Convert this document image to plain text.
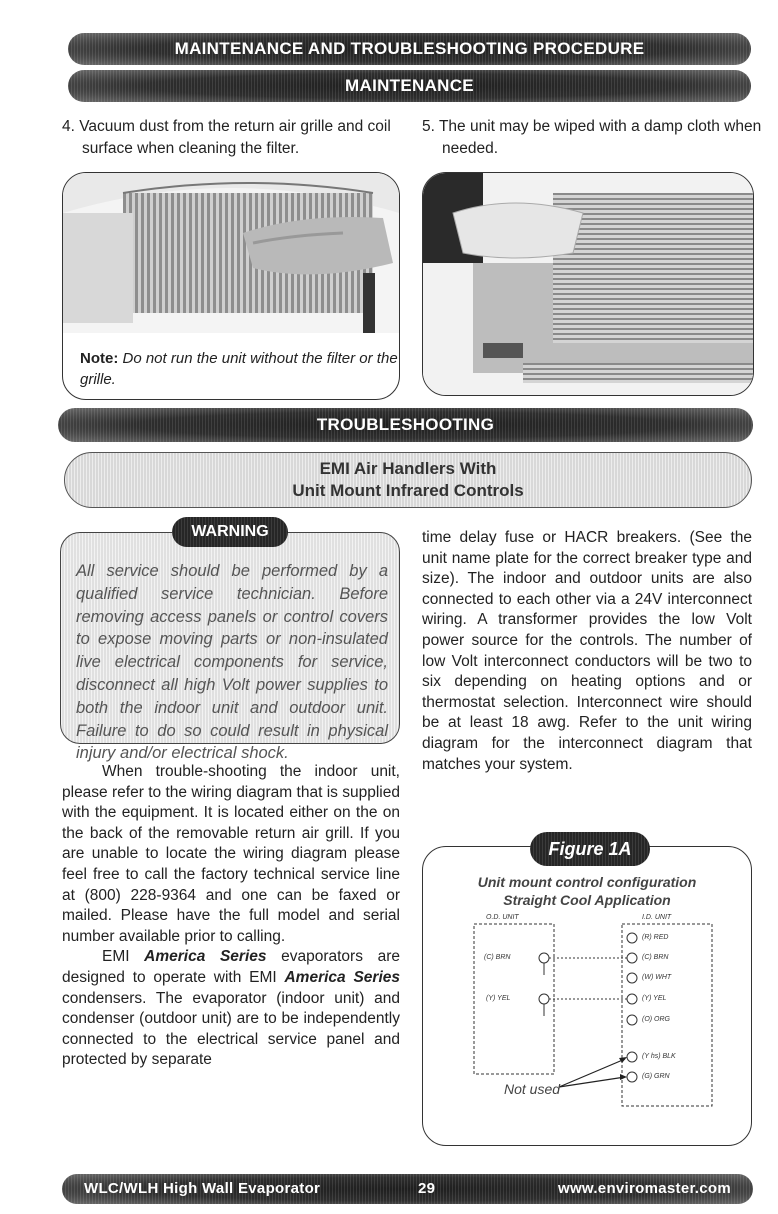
MAINTENANCE AND TROUBLESHOOTING PROCEDURE
MAINTENANCE
4. Vacuum dust from the return air grille and coil surface when cleaning the filter.
5. The unit may be wiped with a damp cloth when needed.
Note: Do not run the unit without the filter or the grille.
TROUBLESHOOTING
EMI Air Handlers With
Unit Mount Infrared Controls
WARNING
All service should be performed by a qualified service technician. Before removing access panels or control covers to expose moving parts or non-insulated live electrical components for service, disconnect all high Volt power supplies to both the indoor unit and outdoor unit. Failure to do so could result in physical injury and/or electrical shock.

When trouble-shooting the indoor unit, please refer to the wiring diagram that is supplied with the equipment. It is located either on the on the back of the removable return air grill. If you are unable to locate the wiring diagram please feel free to call the factory technical service line at (800) 228-9364 and one can be faxed or mailed. Please have the full model and serial number available prior to calling.

EMI America Series evaporators are designed to operate with EMI America Series condensers. The evaporator (indoor unit) and condenser (outdoor unit) are to be independently connected to the electrical service panel and protected by separate

time delay fuse or HACR breakers. (See the unit name plate for the correct breaker type and size). The indoor and outdoor units are also connected to each other via a 24V interconnect wiring. A transformer provides the low Volt power source for the controls. The number of low Volt interconnect conductors will be two to six depending on heating options and or thermostat selection. Interconnect wire should be at least 18 awg. Refer to the unit wiring diagram for the interconnect diagram that matches your system.
Figure 1A
Unit mount control configuration
Straight Cool Application
O.D. UNIT	I.D. UNIT
(C) BRN
(Y) YEL
(R) RED
(C) BRN
(W) WHT
(Y) YEL
(O) ORG
(Y hs) BLK
(G) GRN
Not used
WLC/WLH High Wall Evaporator	29	www.enviromaster.com
